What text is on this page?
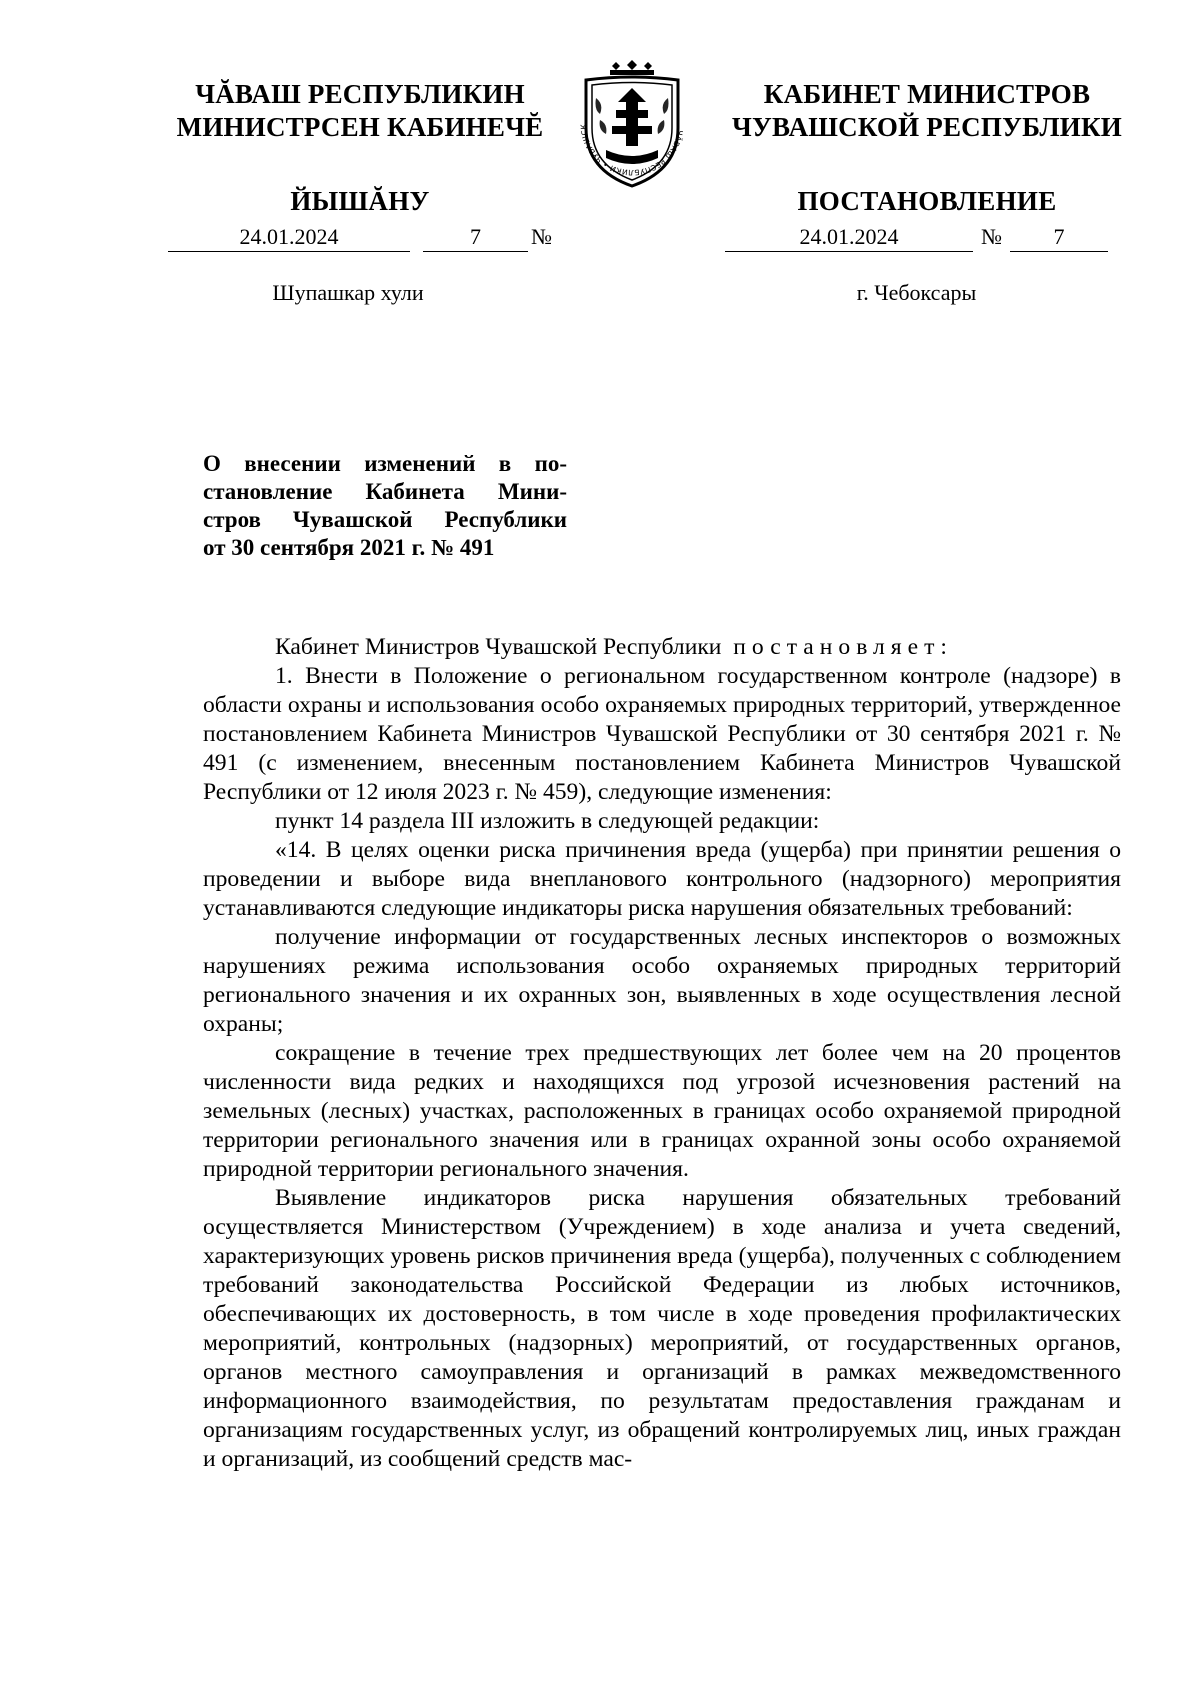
ЧĂВАШ РЕСПУБЛИКИН
МИНИСТРСЕН КАБИНЕЧĔ
ЙЫШĂНУ
ЧĂВАШ РЕСПУБЛИКИ • ЧУВАШСК
КАБИНЕТ МИНИСТРОВ
ЧУВАШСКОЙ РЕСПУБЛИКИ
ПОСТАНОВЛЕНИЕ
24.01.2024	7	№
Шупашкар хули
24.01.2024	№	7
г. Чебоксары
О внесении изменений в по-
становление Кабинета Мини-
стров Чувашской Республики
от 30 сентября 2021 г. № 491

Кабинет Министров Чувашской Республики постановляет:

1. Внести в Положение о региональном государственном контроле (надзоре) в области охраны и использования особо охраняемых природных территорий, утвержденное постановлением Кабинета Министров Чувашской Республики от 30 сентября 2021 г. № 491 (с изменением, внесенным постановлением Кабинета Министров Чувашской Республики от 12 июля 2023 г. № 459), следующие изменения:

пункт 14 раздела III изложить в следующей редакции:

«14. В целях оценки риска причинения вреда (ущерба) при принятии решения о проведении и выборе вида внепланового контрольного (надзорного) мероприятия устанавливаются следующие индикаторы риска нарушения обязательных требований:

получение информации от государственных лесных инспекторов о возможных нарушениях режима использования особо охраняемых природных территорий регионального значения и их охранных зон, выявленных в ходе осуществления лесной охраны;

сокращение в течение трех предшествующих лет более чем на 20 процентов численности вида редких и находящихся под угрозой исчезновения растений на земельных (лесных) участках, расположенных в границах особо охраняемой природной территории регионального значения или в границах охранной зоны особо охраняемой природной территории регионального значения.

Выявление индикаторов риска нарушения обязательных требований осуществляется Министерством (Учреждением) в ходе анализа и учета сведений, характеризующих уровень рисков причинения вреда (ущерба), полученных с соблюдением требований законодательства Российской Федерации из любых источников, обеспечивающих их достоверность, в том числе в ходе проведения профилактических мероприятий, контрольных (надзорных) мероприятий, от государственных органов, органов местного самоуправления и организаций в рамках межведомственного информационного взаимодействия, по результатам предоставления гражданам и организациям государственных услуг, из обращений контролируемых лиц, иных граждан и организаций, из сообщений средств мас-
